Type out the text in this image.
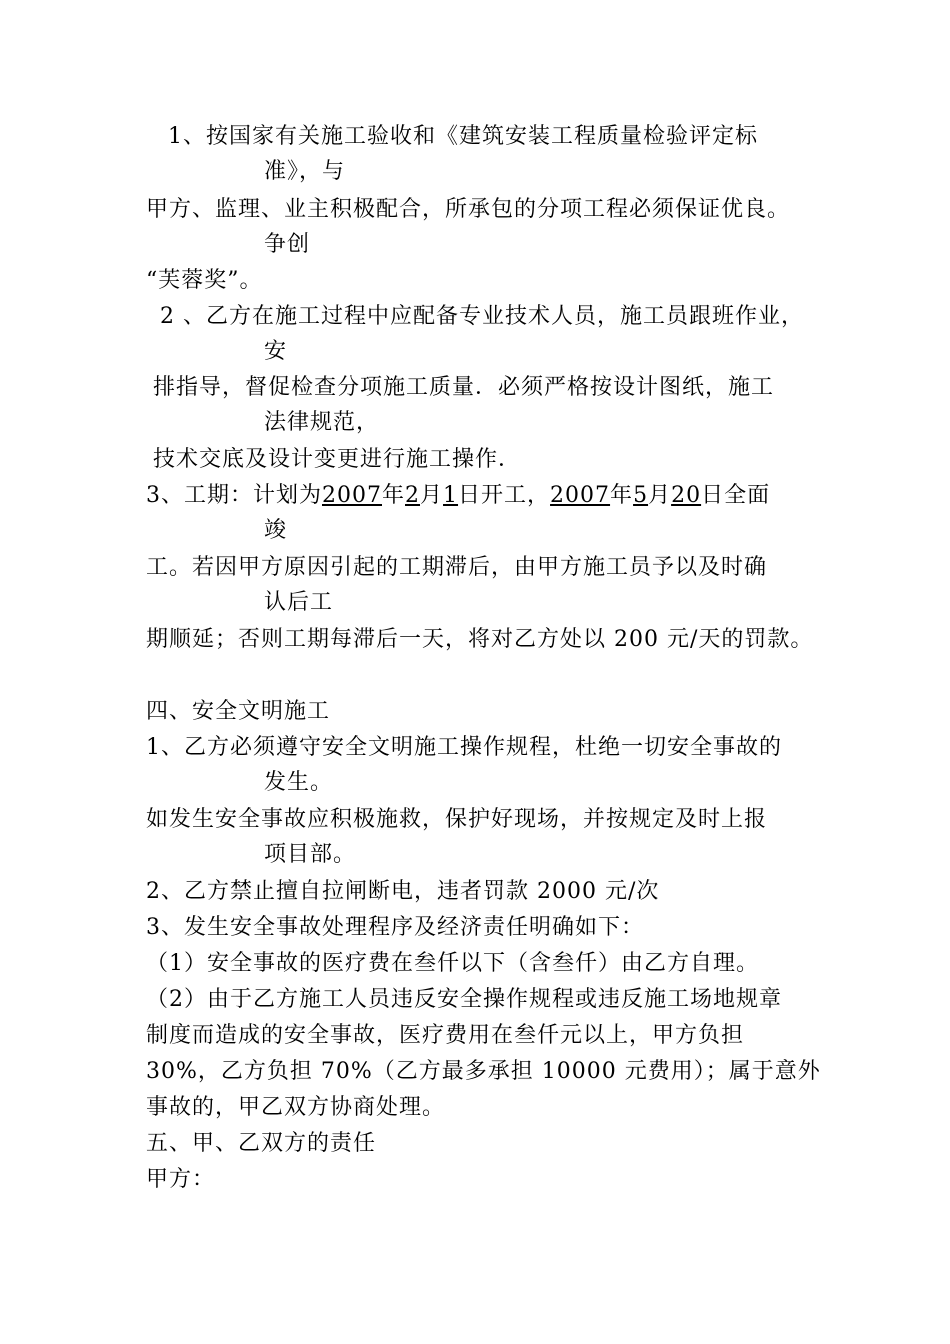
1、按国家有关施工验收和《建筑安装工程质量检验评定标
准》，与
甲方、监理、业主积极配合，所承包的分项工程必须保证优良。
争创
“芙蓉奖”。
2 、乙方在施工过程中应配备专业技术人员，施工员跟班作业，
安
排指导，督促检查分项施工质量．必须严格按设计图纸，施工
法律规范，
技术交底及设计变更进行施工操作．
3、工期：计划为2007年2月1日开工，2007年5月20日全面
竣
工。若因甲方原因引起的工期滞后，由甲方施工员予以及时确
认后工
期顺延；否则工期每滞后一天，将对乙方处以 200 元/天的罚款。
四、安全文明施工
1、乙方必须遵守安全文明施工操作规程，杜绝一切安全事故的
发生。
如发生安全事故应积极施救，保护好现场，并按规定及时上报
项目部。
2、乙方禁止擅自拉闸断电，违者罚款 2000 元/次
3、发生安全事故处理程序及经济责任明确如下：
（1）安全事故的医疗费在叁仟以下（含叁仟）由乙方自理。
（2）由于乙方施工人员违反安全操作规程或违反施工场地规章
制度而造成的安全事故，医疗费用在叁仟元以上，甲方负担
30%，乙方负担 70%（乙方最多承担 10000 元费用）；属于意外
事故的，甲乙双方协商处理。
五、甲、乙双方的责任
甲方：
